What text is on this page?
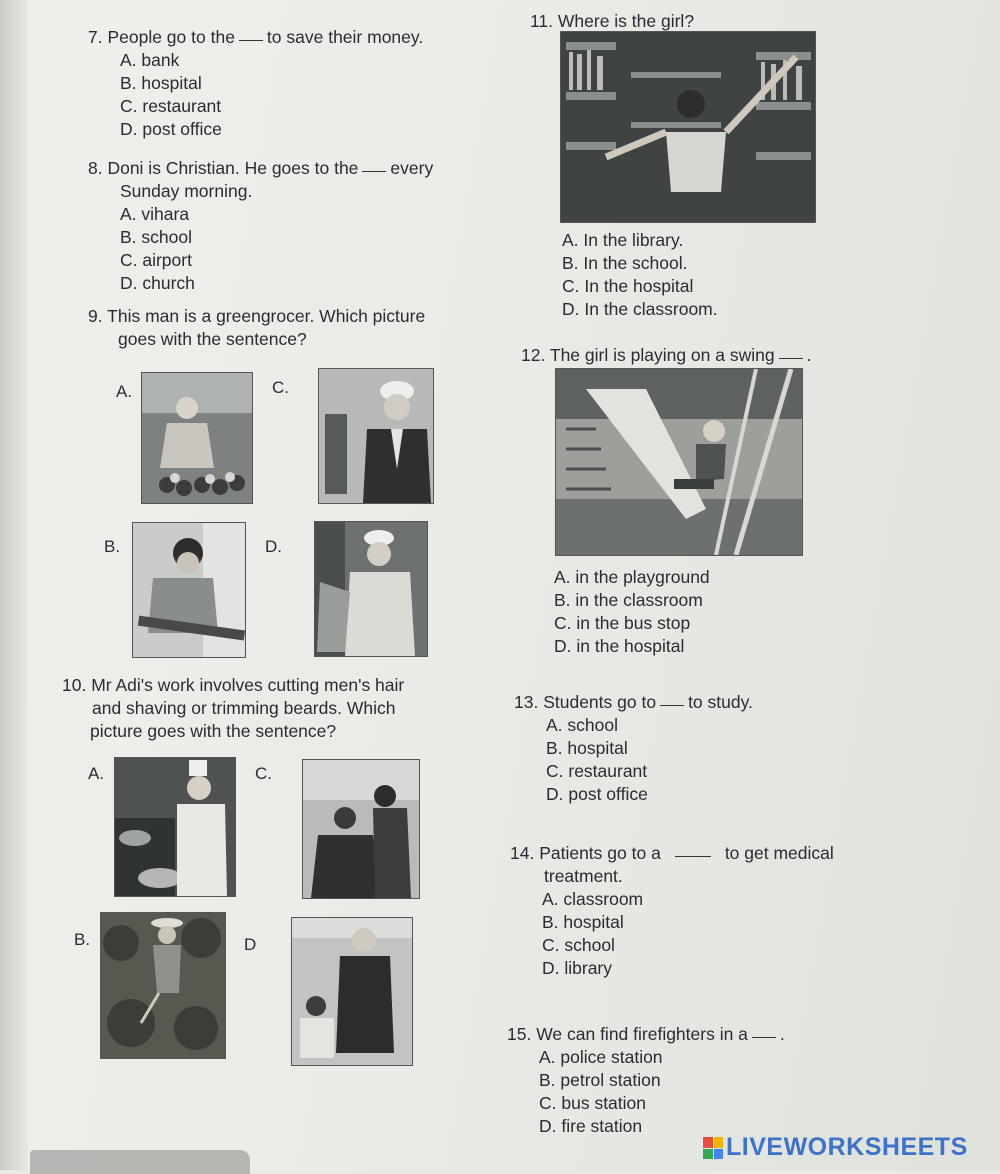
7. People go to the to save their money.
A. bank
B. hospital
C. restaurant
D. post office
8. Doni is Christian. He goes to the every
Sunday morning.
A. vihara
B. school
C. airport
D. church
9. This man is a greengrocer. Which picture
goes with the sentence?
A.	C.
B.	D.
10. Mr Adi's work involves cutting men's hair
and shaving or trimming beards. Which
picture goes with the sentence?
A.	C.
B.	D
11. Where is the girl?
A. In the library.
B. In the school.
C. In the hospital
D. In the classroom.
12. The girl is playing on a swing .
A. in the playground
B. in the classroom
C. in the bus stop
D. in the hospital
13. Students go to to study.
A. school
B. hospital
C. restaurant
D. post office
14. Patients go to a	to get medical
treatment.
A. classroom
B. hospital
C. school
D. library
15. We can find firefighters in a .
A. police station
B. petrol station
C. bus station
D. fire station
LIVEWORKSHEETS
